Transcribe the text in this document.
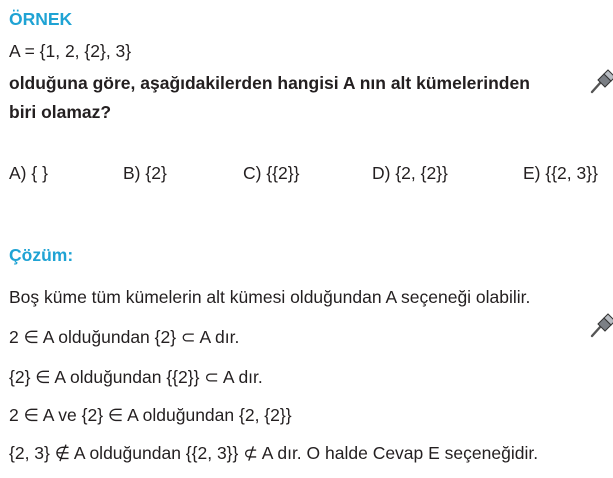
ÖRNEK
A = {1, 2, {2}, 3}
olduğuna göre, aşağıdakilerden hangisi A nın alt kümelerinden
biri olamaz?
A) { }	B) {2}	C) {{2}}	D) {2, {2}}	E) {{2, 3}}
Çözüm:
Boş küme tüm kümelerin alt kümesi olduğundan A seçeneği olabilir.
2 ∈ A olduğundan {2} ⊂ A dır.
{2} ∈ A olduğundan {{2}} ⊂ A dır.
2 ∈ A ve {2} ∈ A olduğundan {2, {2}}
{2, 3} ∉ A olduğundan {{2, 3}} ⊄ A dır. O halde Cevap E seçeneğidir.
